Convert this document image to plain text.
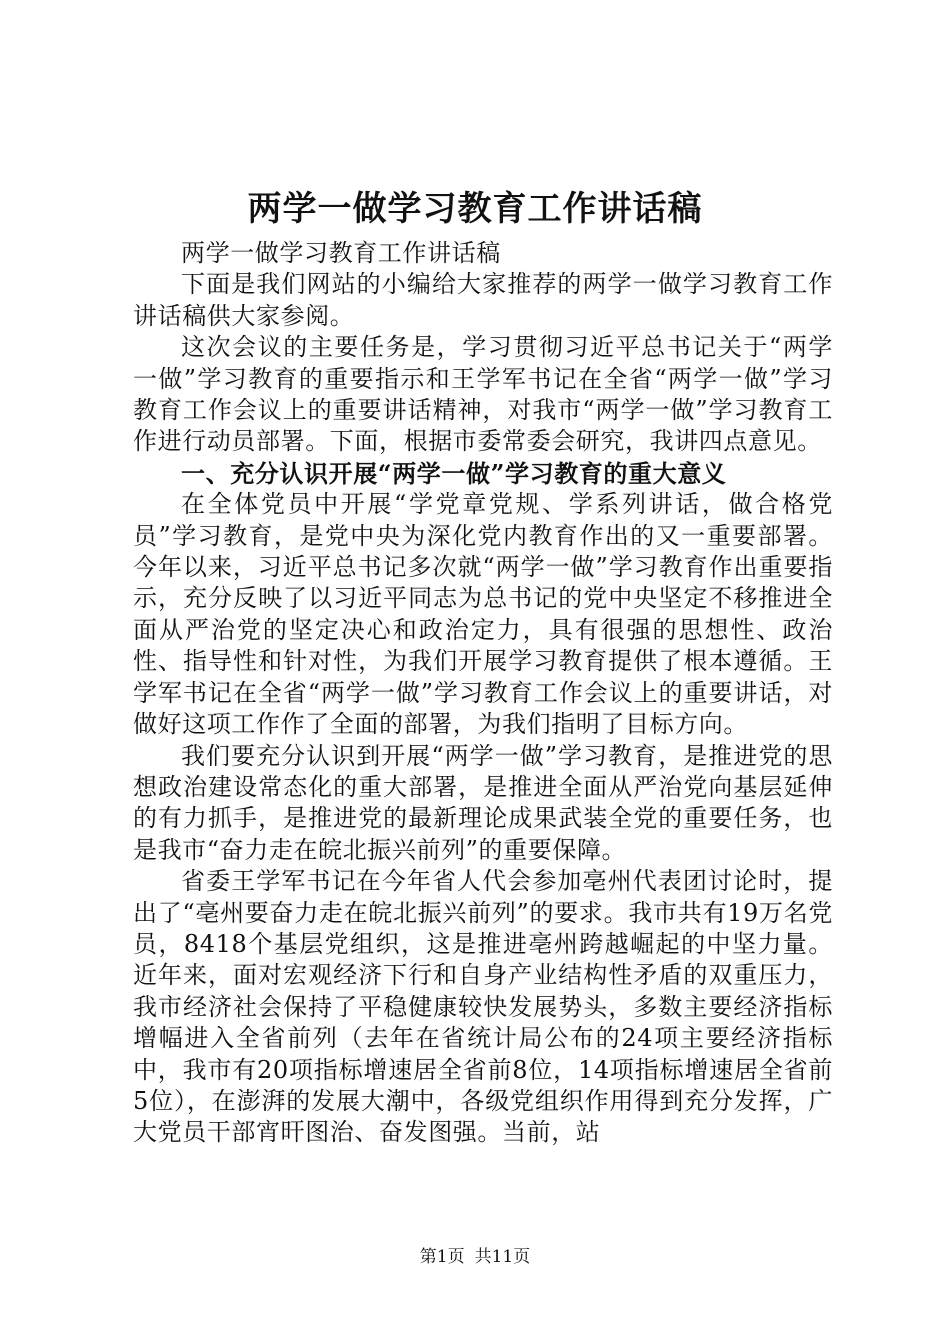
两学一做学习教育工作讲话稿

两学一做学习教育工作讲话稿

下面是我们网站的小编给大家推荐的两学一做学习教育工作讲话稿供大家参阅。

这次会议的主要任务是，学习贯彻习近平总书记关于“两学一做”学习教育的重要指示和王学军书记在全省“两学一做”学习教育工作会议上的重要讲话精神，对我市“两学一做”学习教育工作进行动员部署。下面，根据市委常委会研究，我讲四点意见。

一、充分认识开展“两学一做”学习教育的重大意义

在全体党员中开展“学党章党规、学系列讲话，做合格党员”学习教育，是党中央为深化党内教育作出的又一重要部署。今年以来，习近平总书记多次就“两学一做”学习教育作出重要指示，充分反映了以习近平同志为总书记的党中央坚定不移推进全面从严治党的坚定决心和政治定力，具有很强的思想性、政治性、指导性和针对性，为我们开展学习教育提供了根本遵循。王学军书记在全省“两学一做”学习教育工作会议上的重要讲话，对做好这项工作作了全面的部署，为我们指明了目标方向。

我们要充分认识到开展“两学一做”学习教育，是推进党的思想政治建设常态化的重大部署，是推进全面从严治党向基层延伸的有力抓手，是推进党的最新理论成果武装全党的重要任务，也是我市“奋力走在皖北振兴前列”的重要保障。

省委王学军书记在今年省人代会参加亳州代表团讨论时，提出了“亳州要奋力走在皖北振兴前列”的要求。我市共有19万名党员，8418个基层党组织，这是推进亳州跨越崛起的中坚力量。近年来，面对宏观经济下行和自身产业结构性矛盾的双重压力，我市经济社会保持了平稳健康较快发展势头，多数主要经济指标增幅进入全省前列（去年在省统计局公布的24项主要经济指标中，我市有20项指标增速居全省前8位，14项指标增速居全省前5位），在澎湃的发展大潮中，各级党组织作用得到充分发挥，广大党员干部宵旰图治、奋发图强。当前，站

第1页 共11页
